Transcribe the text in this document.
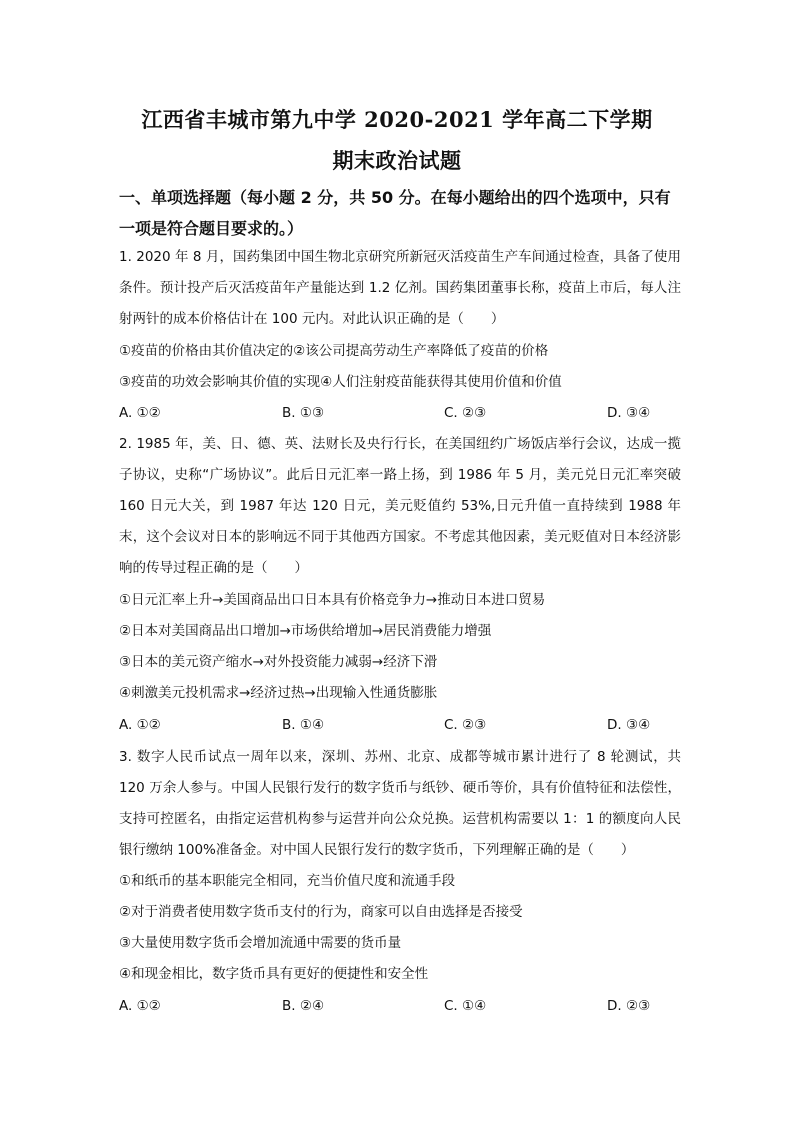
江西省丰城市第九中学 2020-2021 学年高二下学期
期末政治试题
一、单项选择题（每小题 2 分，共 50 分。在每小题给出的四个选项中，只有一项是符合题目要求的。）
1. 2020 年 8 月，国药集团中国生物北京研究所新冠灭活疫苗生产车间通过检查，具备了使用条件。预计投产后灭活疫苗年产量能达到 1.2 亿剂。国药集团董事长称，疫苗上市后，每人注射两针的成本价格估计在 100 元内。对此认识正确的是（　　）
①疫苗的价格由其价值决定的②该公司提高劳动生产率降低了疫苗的价格
③疫苗的功效会影响其价值的实现④人们注射疫苗能获得其使用价值和价值
A. ①②	B. ①③	C. ②③	D. ③④
2. 1985 年，美、日、德、英、法财长及央行行长，在美国纽约广场饭店举行会议，达成一揽子协议，史称“广场协议”。此后日元汇率一路上扬，到 1986 年 5 月，美元兑日元汇率突破 160 日元大关，到 1987 年达 120 日元，美元贬值约 53%,日元升值一直持续到 1988 年末，这个会议对日本的影响远不同于其他西方国家。不考虑其他因素，美元贬值对日本经济影响的传导过程正确的是（　　）
①日元汇率上升→美国商品出口日本具有价格竞争力→推动日本进口贸易
②日本对美国商品出口增加→市场供给增加→居民消费能力增强
③日本的美元资产缩水→对外投资能力减弱→经济下滑
④刺激美元投机需求→经济过热→出现输入性通货膨胀
A. ①②	B. ①④	C. ②③	D. ③④
3. 数字人民币试点一周年以来，深圳、苏州、北京、成都等城市累计进行了 8 轮测试，共 120 万余人参与。中国人民银行发行的数字货币与纸钞、硬币等价，具有价值特征和法偿性，支持可控匿名，由指定运营机构参与运营并向公众兑换。运营机构需要以 1：1 的额度向人民银行缴纳 100%准备金。对中国人民银行发行的数字货币，下列理解正确的是（　　）
①和纸币的基本职能完全相同，充当价值尺度和流通手段
②对于消费者使用数字货币支付的行为，商家可以自由选择是否接受
③大量使用数字货币会增加流通中需要的货币量
④和现金相比，数字货币具有更好的便捷性和安全性
A. ①②	B. ②④	C. ①④	D. ②③
